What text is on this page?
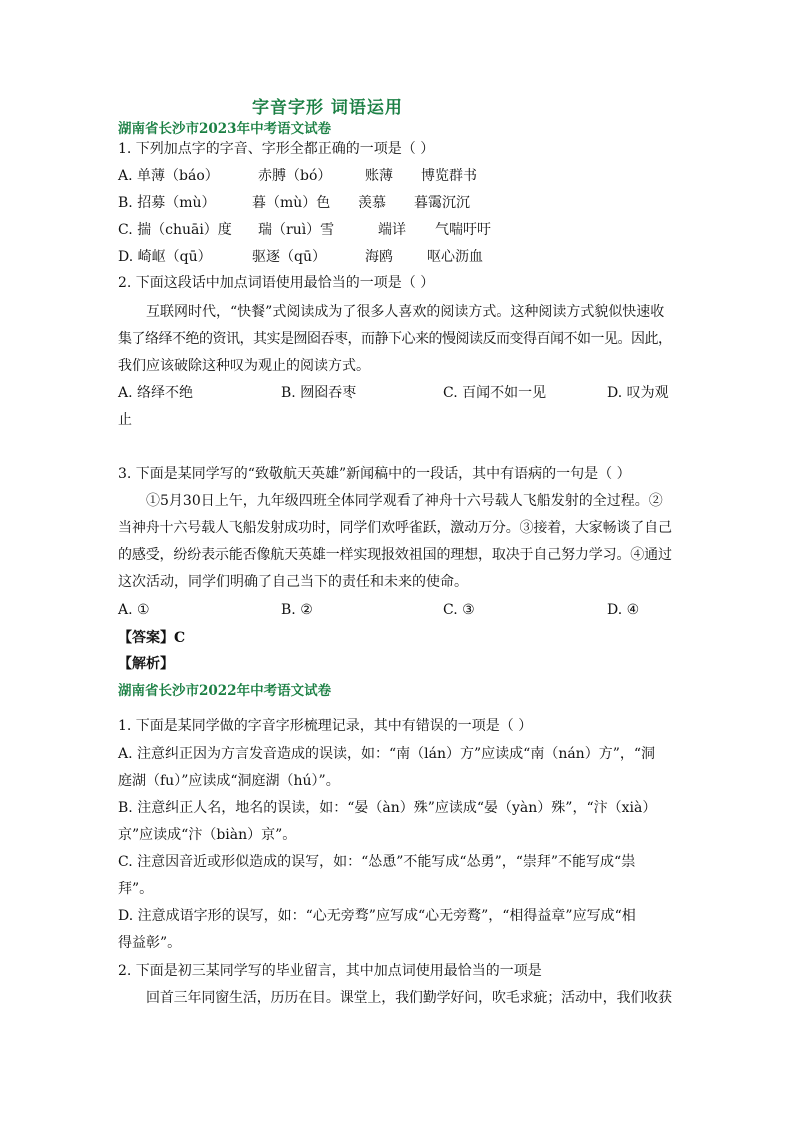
字音字形 词语运用
湖南省长沙市2023年中考语文试卷
1. 下列加点字的字音、字形全都正确的一项是（ ）
A. 单薄（báo）	赤膊（bó） 账薄 博览群书
B. 招募（mù）	暮（mù）色 羡慕 暮霭沉沉
C. 揣（chuāi）度 瑞（ruì）雪	端详 气喘吁吁
D. 崎岖（qū）	驱逐（qū）	海鸥 呕心沥血
2. 下面这段话中加点词语使用最恰当的一项是（ ）
互联网时代，“快餐”式阅读成为了很多人喜欢的阅读方式。这种阅读方式貌似快速收
集了络绎不绝的资讯，其实是囫囵吞枣，而静下心来的慢阅读反而变得百闻不如一见。因此，
我们应该破除这种叹为观止的阅读方式。
A. 络绎不绝	B. 囫囵吞枣	C. 百闻不如一见	D. 叹为观
止
3. 下面是某同学写的“致敬航天英雄”新闻稿中的一段话，其中有语病的一句是（ ）
①5月30日上午，九年级四班全体同学观看了神舟十六号载人飞船发射的全过程。②
当神舟十六号载人飞船发射成功时，同学们欢呼雀跃，激动万分。③接着，大家畅谈了自己
的感受，纷纷表示能否像航天英雄一样实现报效祖国的理想，取决于自己努力学习。④通过
这次活动，同学们明确了自己当下的责任和未来的使命。
A. ①	B. ②	C. ③	D. ④
【答案】C
【解析】
湖南省长沙市2022年中考语文试卷
1. 下面是某同学做的字音字形梳理记录，其中有错误的一项是（ ）
A. 注意纠正因为方言发音造成的误读，如：“南（lán）方”应读成“南（nán）方”，“洞
庭湖（fu）”应读成“洞庭湖（hú）”。
B. 注意纠正人名，地名的误读，如：“晏（àn）殊”应读成“晏（yàn）殊”，“汴（xià）
京”应读成“汴（biàn）京”。
C. 注意因音近或形似造成的误写，如：“怂恿”不能写成“怂勇”，“崇拜”不能写成“祟
拜”。
D. 注意成语字形的误写，如：“心无旁骛”应写成“心无旁鹜”，“相得益章”应写成“相
得益彰”。
2. 下面是初三某同学写的毕业留言，其中加点词使用最恰当的一项是
回首三年同窗生活，历历在目。课堂上，我们勤学好问，吹毛求疵；活动中，我们收获
